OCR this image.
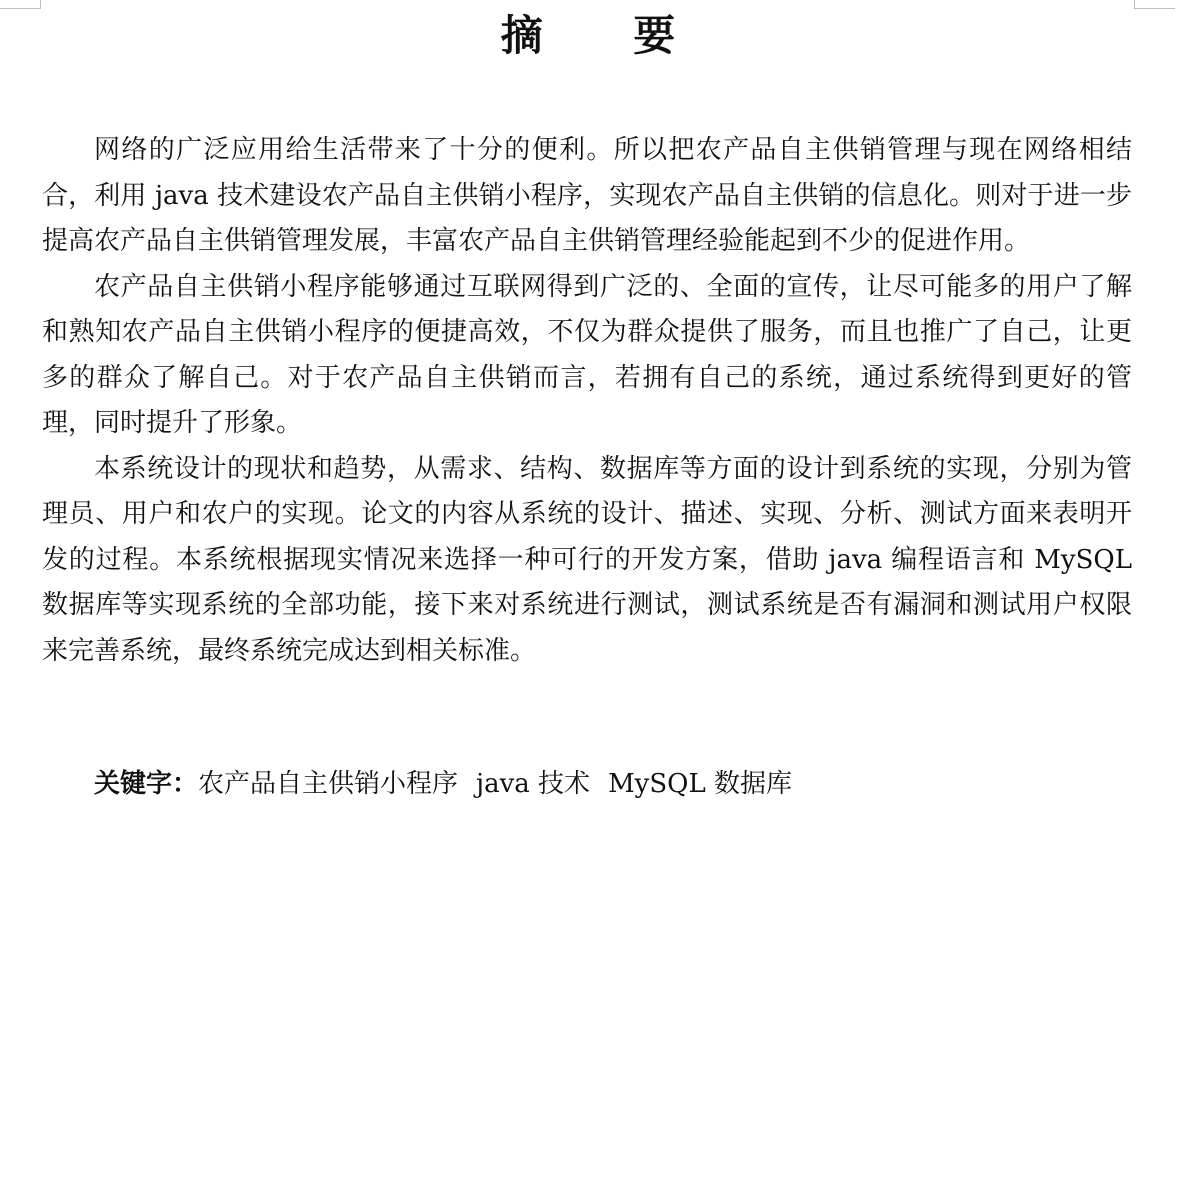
摘 要

网络的广泛应用给生活带来了十分的便利。所以把农产品自主供销管理与现在网络相结合，利用 java 技术建设农产品自主供销小程序，实现农产品自主供销的信息化。则对于进一步提高农产品自主供销管理发展，丰富农产品自主供销管理经验能起到不少的促进作用。

农产品自主供销小程序能够通过互联网得到广泛的、全面的宣传，让尽可能多的用户了解和熟知农产品自主供销小程序的便捷高效，不仅为群众提供了服务，而且也推广了自己，让更多的群众了解自己。对于农产品自主供销而言，若拥有自己的系统，通过系统得到更好的管理，同时提升了形象。

本系统设计的现状和趋势，从需求、结构、数据库等方面的设计到系统的实现，分别为管理员、用户和农户的实现。论文的内容从系统的设计、描述、实现、分析、测试方面来表明开发的过程。本系统根据现实情况来选择一种可行的开发方案，借助 java 编程语言和 MySQL 数据库等实现系统的全部功能，接下来对系统进行测试，测试系统是否有漏洞和测试用户权限来完善系统，最终系统完成达到相关标准。

关键字：农产品自主供销小程序 java 技术 MySQL 数据库
